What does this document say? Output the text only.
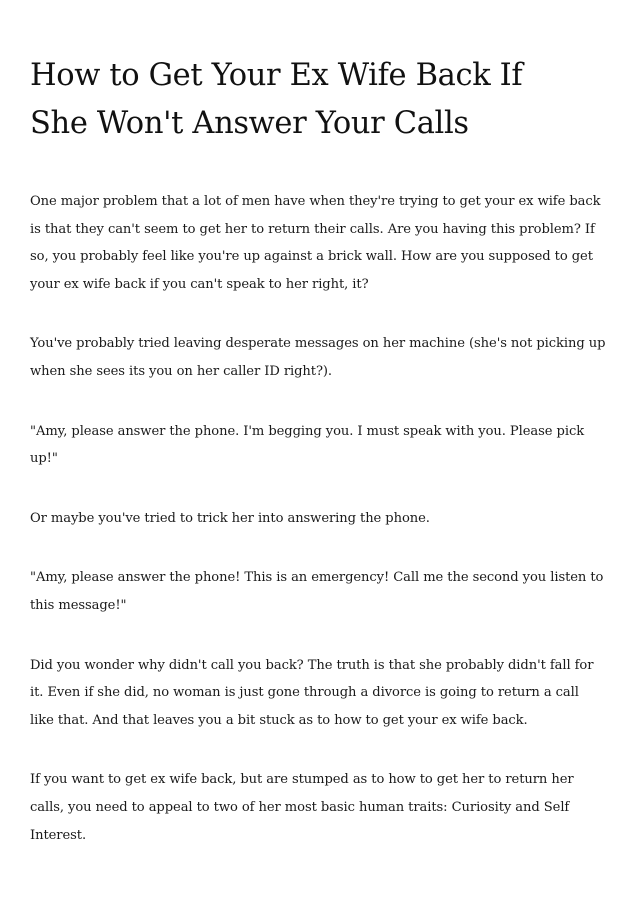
How to Get Your Ex Wife Back If
She Won't Answer Your Calls

One major problem that a lot of men have when they're trying to get your ex wife back
is that they can't seem to get her to return their calls. Are you having this problem? If
so, you probably feel like you're up against a brick wall. How are you supposed to get
your ex wife back if you can't speak to her right, it?

You've probably tried leaving desperate messages on her machine (she's not picking up
when she sees its you on her caller ID right?).

"Amy, please answer the phone. I'm begging you. I must speak with you. Please pick
up!"

Or maybe you've tried to trick her into answering the phone.

"Amy, please answer the phone! This is an emergency! Call me the second you listen to
this message!"

Did you wonder why didn't call you back? The truth is that she probably didn't fall for
it. Even if she did, no woman is just gone through a divorce is going to return a call
like that. And that leaves you a bit stuck as to how to get your ex wife back.

If you want to get ex wife back, but are stumped as to how to get her to return her
calls, you need to appeal to two of her most basic human traits: Curiosity and Self
Interest.
